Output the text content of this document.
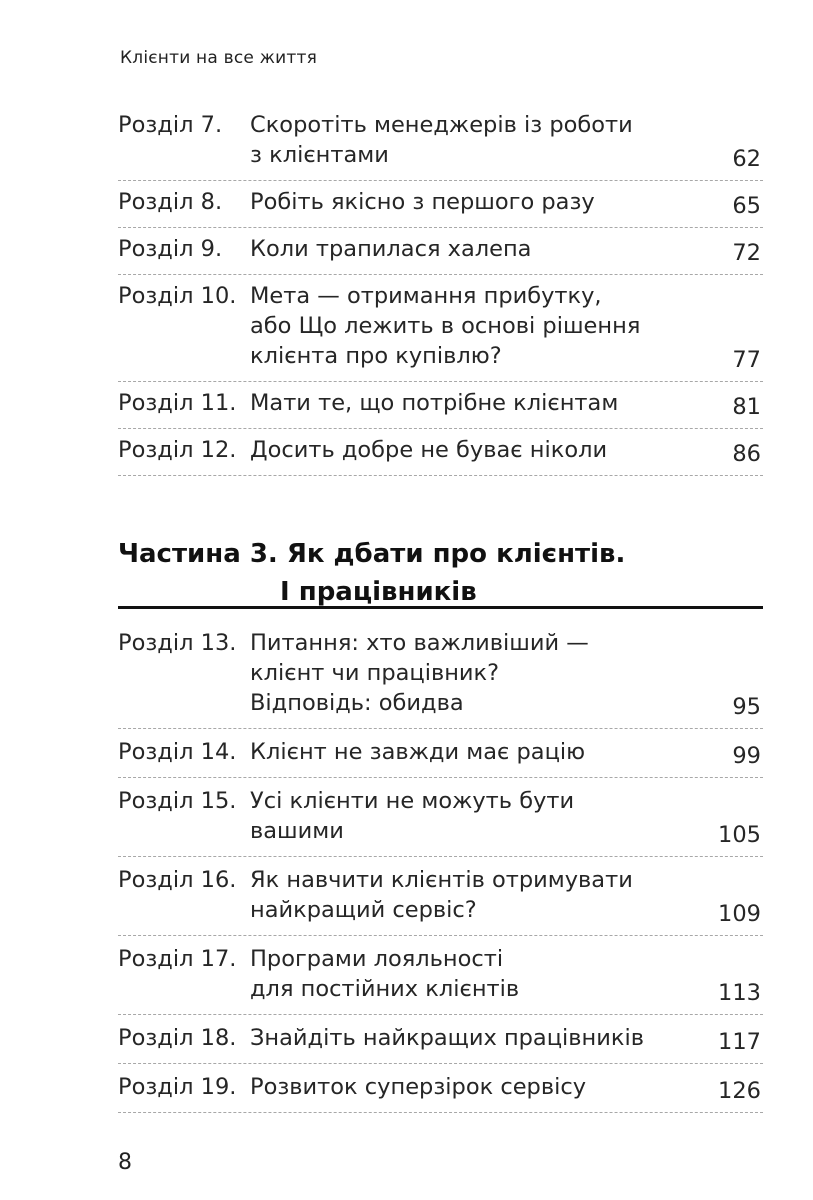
Клієнти на все життя
Розділ 7. Скоротіть менеджерів із роботи
з клієнтами	62
Розділ 8. Робіть якісно з першого разу	65
Розділ 9. Коли трапилася халепа	72
Розділ 10. Мета — отримання прибутку,
або Що лежить в основі рішення
клієнта про купівлю?	77
Розділ 11. Мати те, що потрібне клієнтам	81
Розділ 12. Досить добре не буває ніколи	86
Частина 3. Як дбати про клієнтів.
І працівників
Розділ 13. Питання: хто важливіший —
клієнт чи працівник?
Відповідь: обидва	95
Розділ 14. Клієнт не завжди має рацію	99
Розділ 15. Усі клієнти не можуть бути
вашими	105
Розділ 16. Як навчити клієнтів отримувати
найкращий сервіс?	109
Розділ 17. Програми лояльності
для постійних клієнтів	113
Розділ 18. Знайдіть найкращих працівників	117
Розділ 19. Розвиток суперзірок сервісу	126
8
